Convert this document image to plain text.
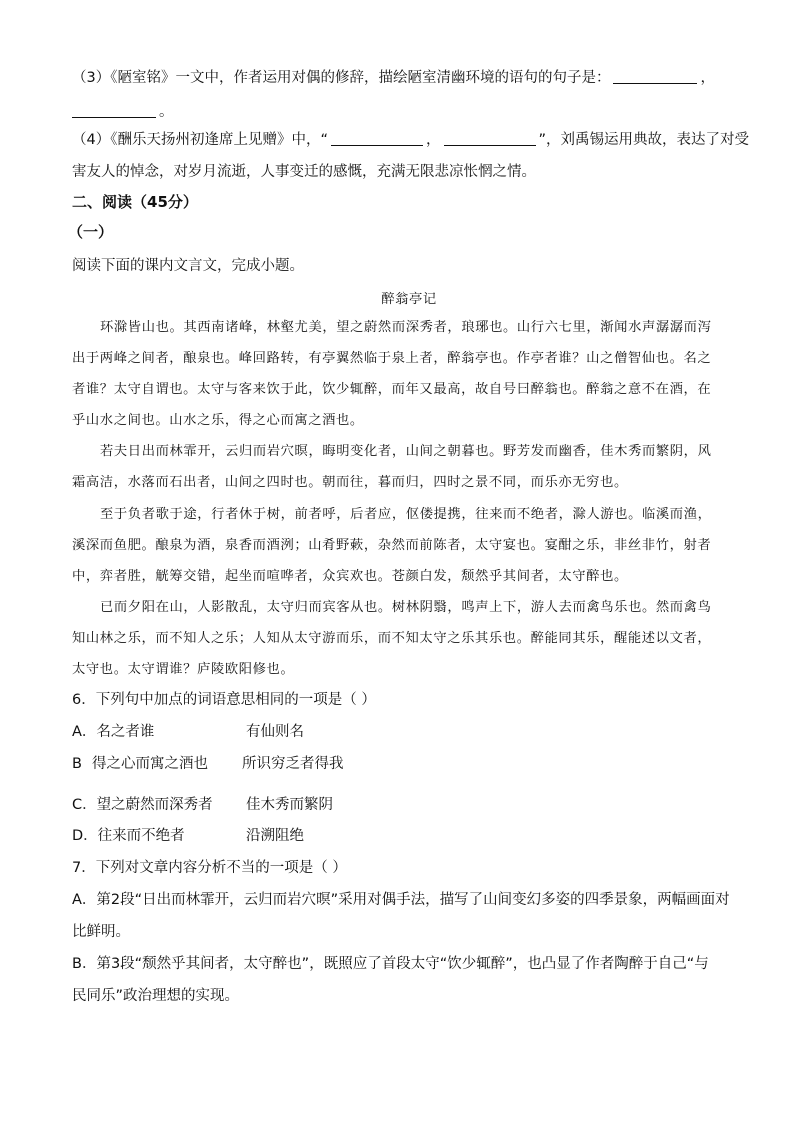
（3）《陋室铭》一文中，作者运用对偶的修辞，描绘陋室清幽环境的语句的句子是：	，
。
（4）《酬乐天扬州初逢席上见赠》中，“	，	”，刘禹锡运用典故，表达了对受
害友人的悼念，对岁月流逝，人事变迁的感慨，充满无限悲凉怅惘之情。
二、阅读（45分）
（一）
阅读下面的课内文言文，完成小题。
醉翁亭记
环滁皆山也。其西南诸峰，林壑尤美，望之蔚然而深秀者，琅琊也。山行六七里，渐闻水声潺潺而泻
出于两峰之间者，酿泉也。峰回路转，有亭翼然临于泉上者，醉翁亭也。作亭者谁？山之僧智仙也。名之
者谁？太守自谓也。太守与客来饮于此，饮少辄醉，而年又最高，故自号曰醉翁也。醉翁之意不在酒，在
乎山水之间也。山水之乐，得之心而寓之酒也。
若夫日出而林霏开，云归而岩穴暝，晦明变化者，山间之朝暮也。野芳发而幽香，佳木秀而繁阴，风
霜高洁，水落而石出者，山间之四时也。朝而往，暮而归，四时之景不同，而乐亦无穷也。
至于负者歌于途，行者休于树，前者呼，后者应，伛偻提携，往来而不绝者，滁人游也。临溪而渔，
溪深而鱼肥。酿泉为酒，泉香而酒洌；山肴野蔌，杂然而前陈者，太守宴也。宴酣之乐，非丝非竹，射者
中，弈者胜，觥筹交错，起坐而喧哗者，众宾欢也。苍颜白发，颓然乎其间者，太守醉也。
已而夕阳在山，人影散乱，太守归而宾客从也。树林阴翳，鸣声上下，游人去而禽鸟乐也。然而禽鸟
知山林之乐，而不知人之乐；人知从太守游而乐，而不知太守之乐其乐也。醉能同其乐，醒能述以文者，
太守也。太守谓谁？庐陵欧阳修也。
6．下列句中加点的词语意思相同的一项是（ ）
A．名之者谁	有仙则名
B 得之心而寓之酒也 所识穷乏者得我
C．望之蔚然而深秀者 佳木秀而繁阴
D．往来而不绝者	沿溯阻绝
7．下列对文章内容分析不当的一项是（ ）
A．第2段“日出而林霏开，云归而岩穴暝”采用对偶手法，描写了山间变幻多姿的四季景象，两幅画面对
比鲜明。
B．第3段“颓然乎其间者，太守醉也”，既照应了首段太守“饮少辄醉”，也凸显了作者陶醉于自己“与
民同乐”政治理想的实现。
